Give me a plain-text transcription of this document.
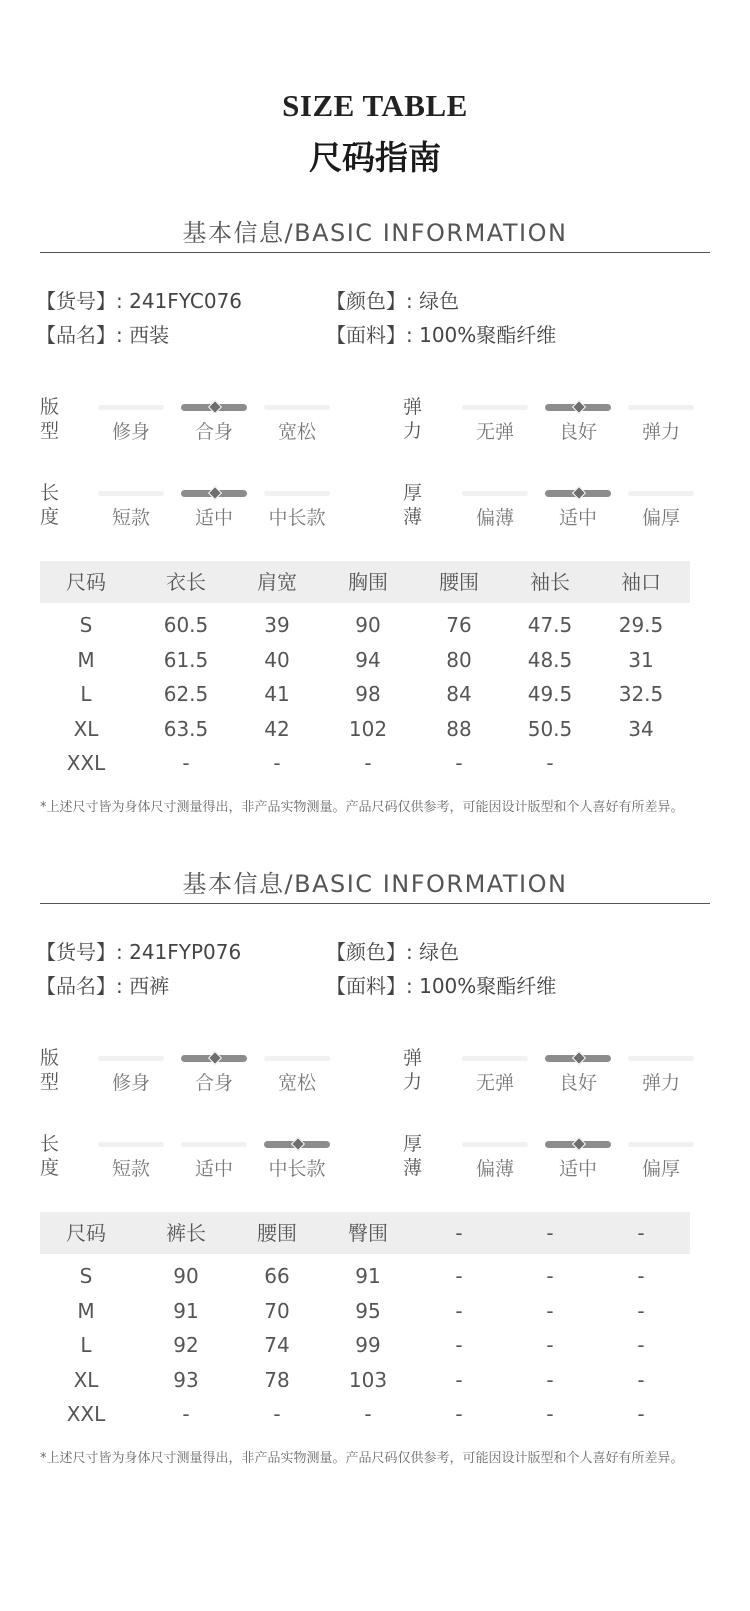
SIZE TABLE
尺码指南
基本信息/BASIC INFORMATION
【货号】: 241FYC076	【颜色】: 绿色
【品名】: 西装	【面料】: 100%聚酯纤维
版型	修身	合身	宽松
弹力	无弹	良好	弹力
长度	短款	适中	中长款
厚薄	偏薄	适中	偏厚
尺码	衣长	肩宽	胸围	腰围	袖长	袖口
S	60.5	39	90	76	47.5	29.5
M	61.5	40	94	80	48.5	31
L	62.5	41	98	84	49.5	32.5
XL	63.5	42	102	88	50.5	34
XXL	-	-	-	-	-
*上述尺寸皆为身体尺寸测量得出，非产品实物测量。产品尺码仅供参考，可能因设计版型和个人喜好有所差异。
基本信息/BASIC INFORMATION
【货号】: 241FYP076	【颜色】: 绿色
【品名】: 西裤	【面料】: 100%聚酯纤维
版型	修身	合身	宽松
弹力	无弹	良好	弹力
长度	短款	适中	中长款
厚薄	偏薄	适中	偏厚
尺码	裤长	腰围	臀围	-	-	-
S	90	66	91	-	-	-
M	91	70	95	-	-	-
L	92	74	99	-	-	-
XL	93	78	103	-	-	-
XXL	-	-	-	-	-	-
*上述尺寸皆为身体尺寸测量得出，非产品实物测量。产品尺码仅供参考，可能因设计版型和个人喜好有所差异。
